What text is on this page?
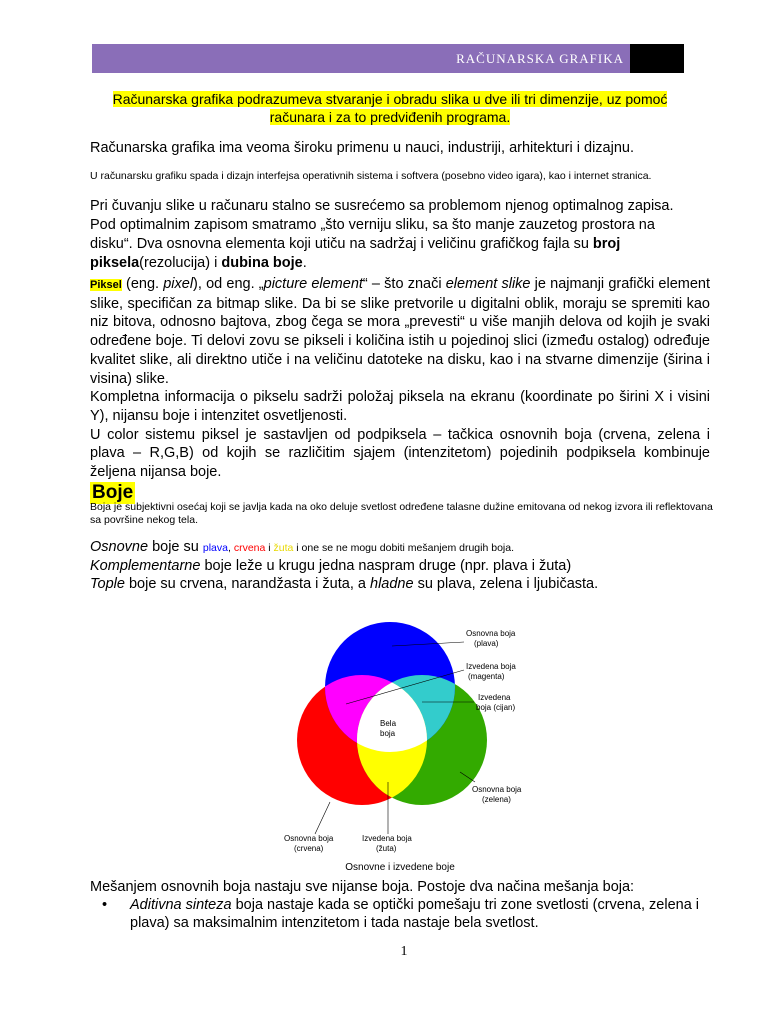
RAČUNARSKA GRAFIKA
Računarska grafika podrazumeva stvaranje i obradu slika u dve ili tri dimenzije, uz pomoć računara i za to predviđenih programa.
Računarska grafika ima veoma široku primenu u nauci, industriji, arhitekturi i dizajnu.
U računarsku grafiku spada i dizajn interfejsa operativnih sistema i softvera (posebno video igara), kao i internet stranica.
Pri čuvanju slike u računaru stalno se susrećemo sa problemom njenog optimalnog zapisa. Pod optimalnim zapisom smatramo „što verniju sliku, sa što manje zauzetog prostora na disku“. Dva osnovna elementa koji utiču na sadržaj i veličinu grafičkog fajla su broj piksela(rezolucija) i dubina boje.
Piksel (eng. pixel), od eng. „picture element“ – što znači element slike je najmanji grafički element slike, specifičan za bitmap slike. Da bi se slike pretvorile u digitalni oblik, moraju se spremiti kao niz bitova, odnosno bajtova, zbog čega se mora „prevesti“ u više manjih delova od kojih je svaki određene boje. Ti delovi zovu se pikseli i količina istih u pojedinoj slici (između ostalog) određuje kvalitet slike, ali direktno utiče i na veličinu datoteke na disku, kao i na stvarne dimenzije (širina i visina) slike.
Kompletna informacija o pikselu sadrži položaj piksela na ekranu (koordinate po širini X i visini Y), nijansu boje i intenzitet osvetljenosti.
U color sistemu piksel je sastavljen od podpiksela – tačkica osnovnih boja (crvena, zelena i plava – R,G,B) od kojih se različitim sjajem (intenzitetom) pojedinih podpiksela kombinuje željena nijansa boje.
Boje
Boja je subjektivni osećaj koji se javlja kada na oko deluje svetlost određene talasne dužine emitovana od nekog izvora ili reflektovana sa površine nekog tela.
Osnovne boje su plava, crvena i žuta i one se ne mogu dobiti mešanjem drugih boja.
Komplementarne boje leže u krugu jedna naspram druge (npr. plava i žuta)
Tople boje su crvena, narandžasta i žuta, a hladne su plava, zelena i ljubičasta.
Bela
boja
Osnovna boja
(plava)
Izvedena boja
(magenta)
Izvedena
boja (cijan)
Osnovna boja
(zelena)
Izvedena boja
(žuta)
Osnovna boja
(crvena)
Osnovne i izvedene boje
Mešanjem osnovnih boja nastaju sve nijanse boja. Postoje dva načina mešanja boja:
• Aditivna sinteza boja nastaje kada se optički pomešaju tri zone svetlosti (crvena, zelena i plava) sa maksimalnim intenzitetom i tada nastaje bela svetlost.
1
